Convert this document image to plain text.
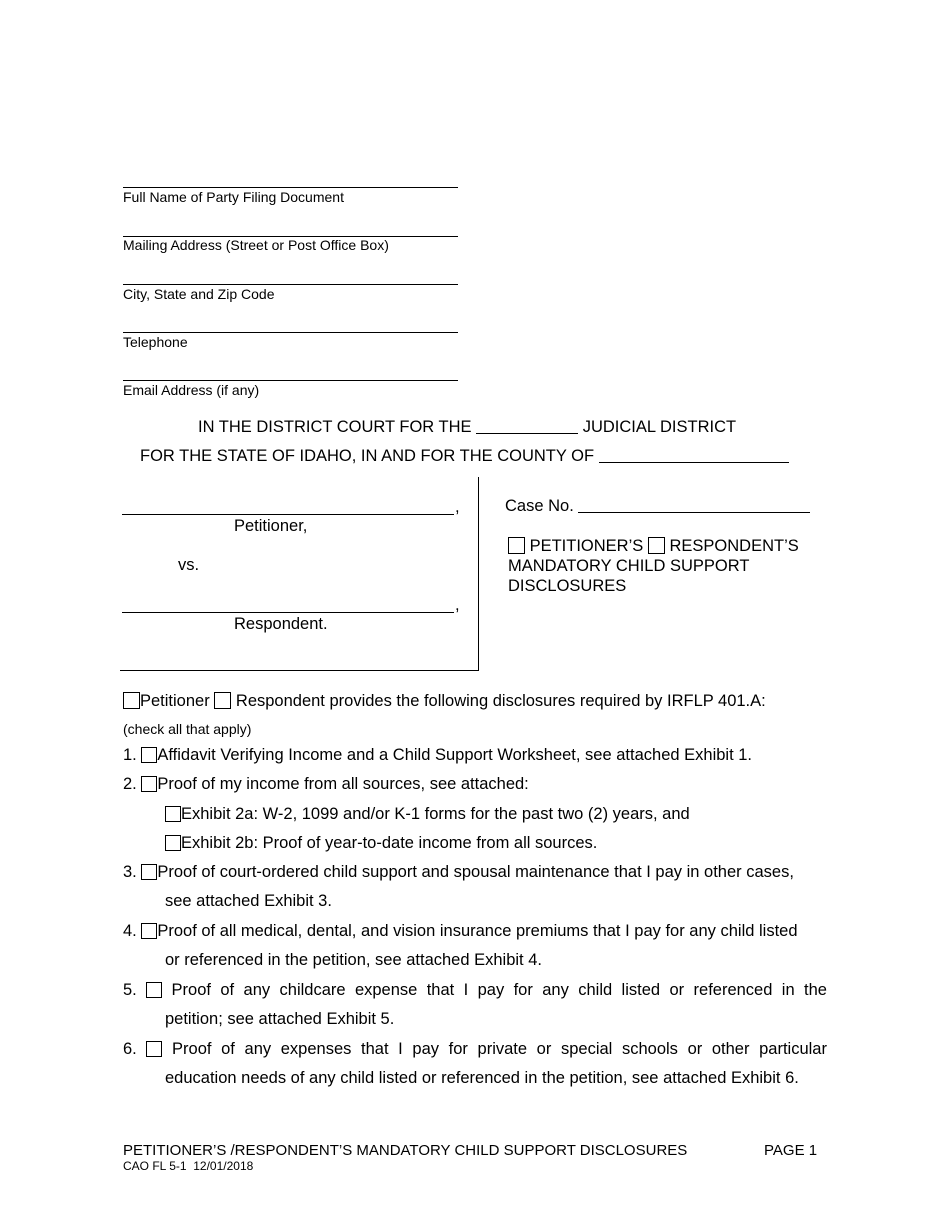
Full Name of Party Filing Document
Mailing Address (Street or Post Office Box)
City, State and Zip Code
Telephone
Email Address (if any)
IN THE DISTRICT COURT FOR THE	JUDICIAL DISTRICT
FOR THE STATE OF IDAHO, IN AND FOR THE COUNTY OF
,
Petitioner,
vs.
,
Respondent.
Case No.
PETITIONER’S RESPONDENT’S
MANDATORY CHILD SUPPORT
DISCLOSURES
Petitioner Respondent provides the following disclosures required by IRFLP 401.A:
(check all that apply)
1. Affidavit Verifying Income and a Child Support Worksheet, see attached Exhibit 1.
2. Proof of my income from all sources, see attached:
Exhibit 2a: W-2, 1099 and/or K-1 forms for the past two (2) years, and
Exhibit 2b: Proof of year-to-date income from all sources.
3. Proof of court-ordered child support and spousal maintenance that I pay in other cases,
see attached Exhibit 3.
4. Proof of all medical, dental, and vision insurance premiums that I pay for any child listed
or referenced in the petition, see attached Exhibit 4.
5. Proof of any childcare expense that I pay for any child listed or referenced in the
petition; see attached Exhibit 5.
6. Proof of any expenses that I pay for private or special schools or other particular
education needs of any child listed or referenced in the petition, see attached Exhibit 6.
PETITIONER’S /RESPONDENT’S MANDATORY CHILD SUPPORT DISCLOSURES	PAGE 1
CAO FL 5-1  12/01/2018
